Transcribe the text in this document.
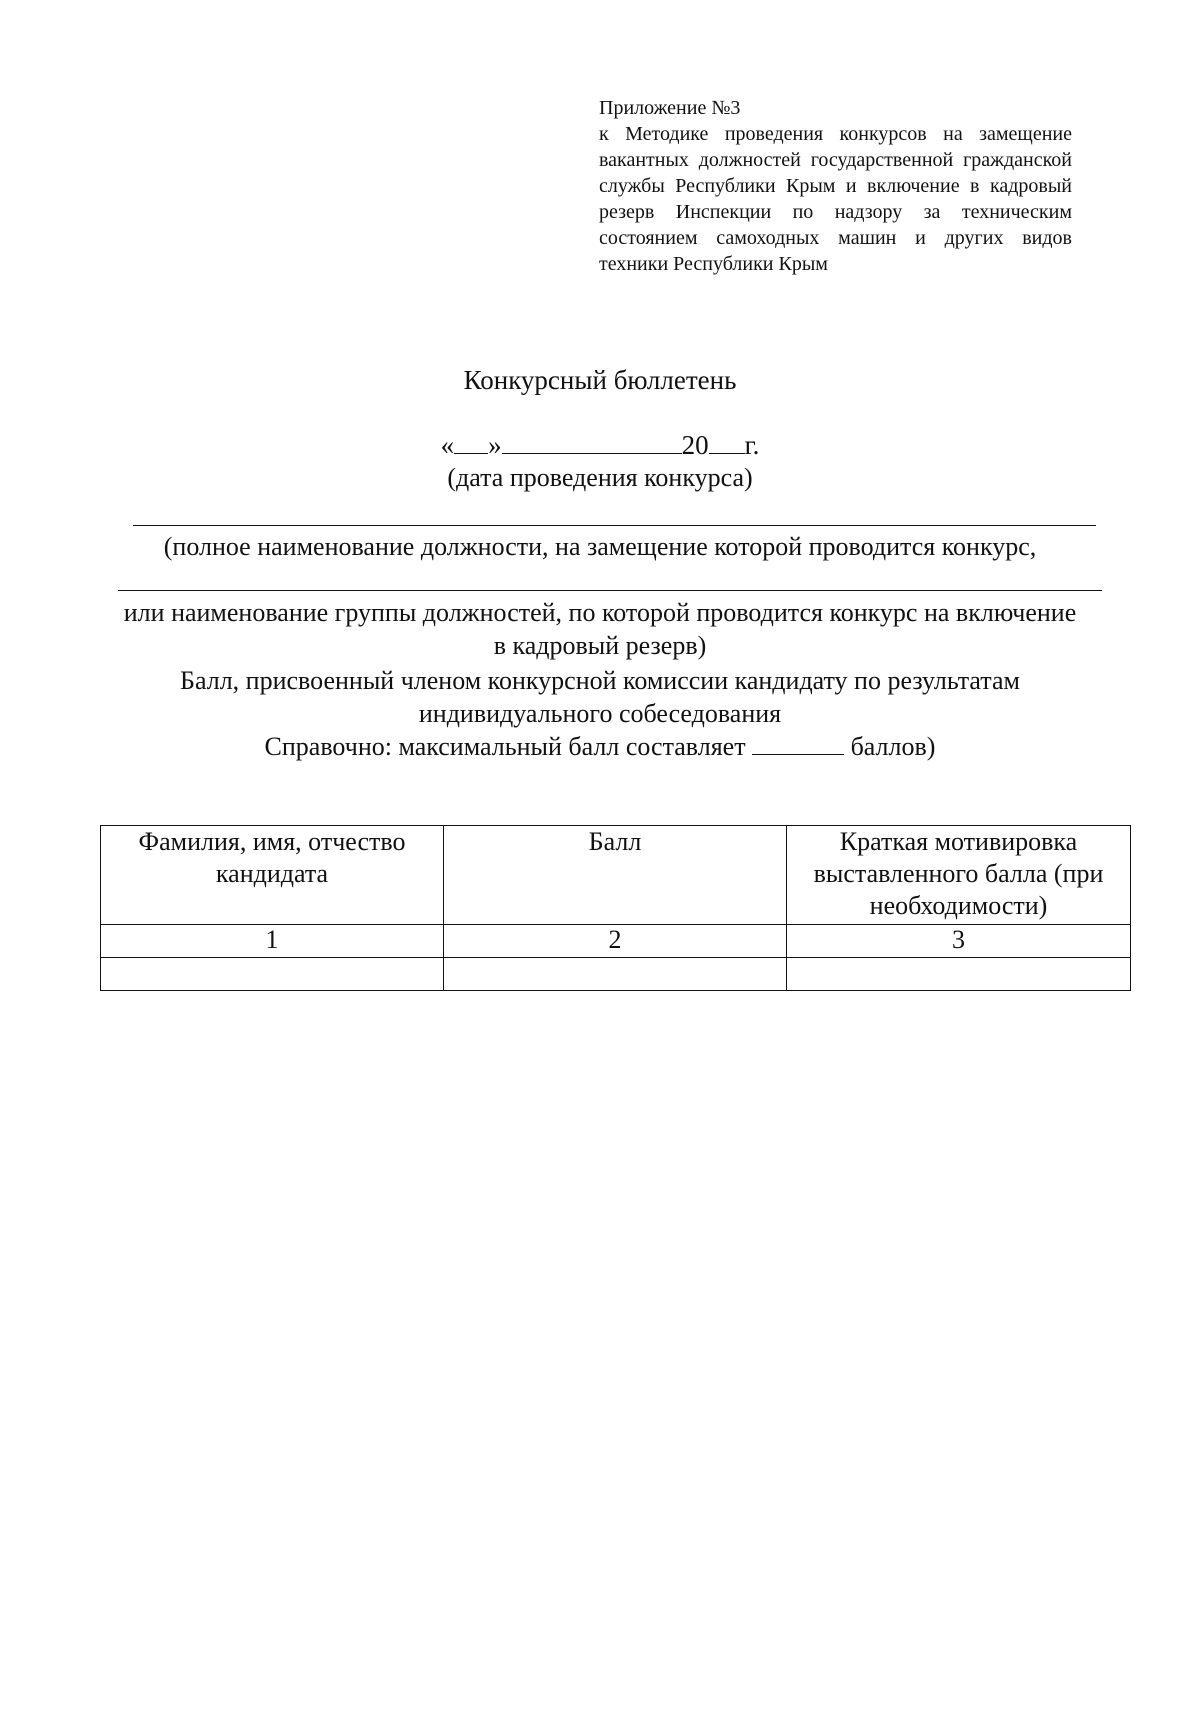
Приложение №3
к Методике проведения конкурсов на замещение вакантных должностей государственной гражданской службы Республики Крым и включение в кадровый резерв Инспекции по надзору за техническим состоянием самоходных машин и других видов техники Республики Крым
Конкурсный бюллетень
« »	20 г.
(дата проведения конкурса)
(полное наименование должности, на замещение которой проводится конкурс,
или наименование группы должностей, по которой проводится конкурс на включение в кадровый резерв)
Балл, присвоенный членом конкурсной комиссии кандидату по результатам индивидуального собеседования
Справочно: максимальный балл составляет	баллов)
Фамилия, имя, отчество кандидата	Балл	Краткая мотивировка выставленного балла (при необходимости)
1	2	3
